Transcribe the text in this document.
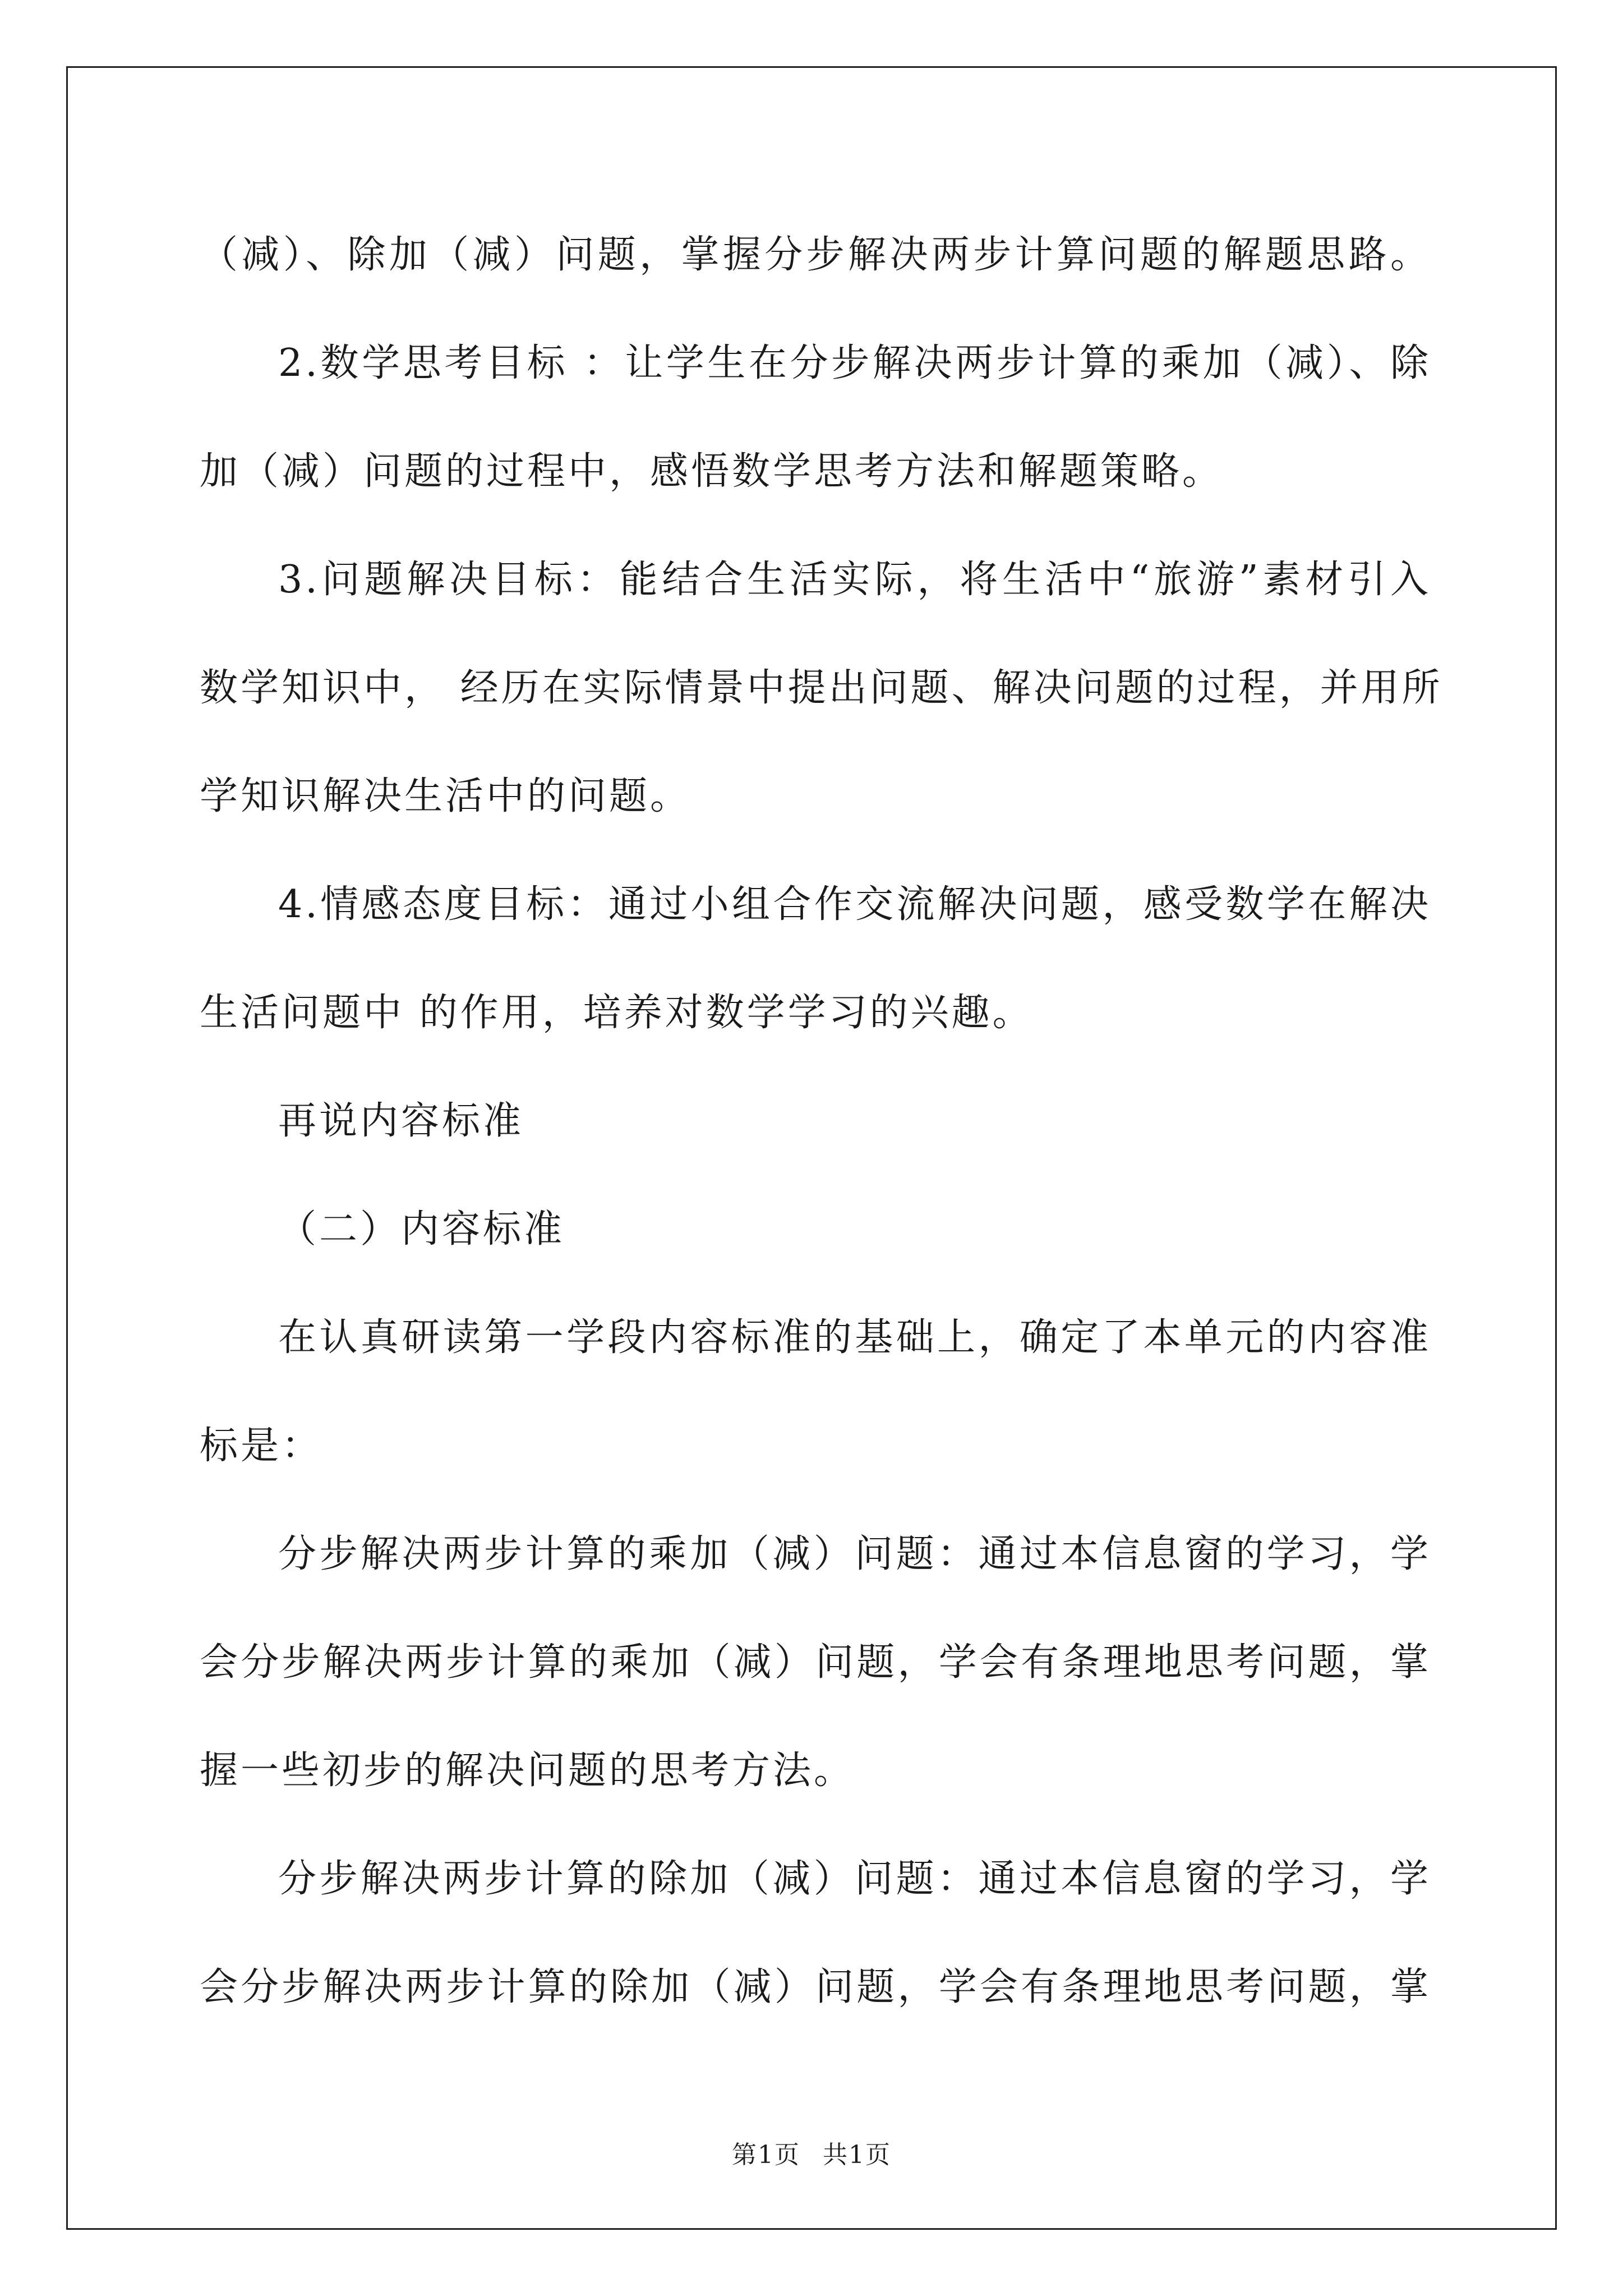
（减）、除加（减）问题，掌握分步解决两步计算问题的解题思路。

2.数学思考目标 ：让学生在分步解决两步计算的乘加（减）、除

加（减）问题的过程中，感悟数学思考方法和解题策略。

3.问题解决目标：能结合生活实际，将生活中“旅游”素材引入

数学知识中， 经历在实际情景中提出问题、解决问题的过程，并用所

学知识解决生活中的问题。

4.情感态度目标：通过小组合作交流解决问题，感受数学在解决

生活问题中 的作用，培养对数学学习的兴趣。

再说内容标准

（二）内容标准

在认真研读第一学段内容标准的基础上，确定了本单元的内容准

标是：

分步解决两步计算的乘加（减）问题：通过本信息窗的学习，学

会分步解决两步计算的乘加（减）问题，学会有条理地思考问题，掌

握一些初步的解决问题的思考方法。

分步解决两步计算的除加（减）问题：通过本信息窗的学习，学

会分步解决两步计算的除加（减）问题，学会有条理地思考问题，掌

第1页 共1页
